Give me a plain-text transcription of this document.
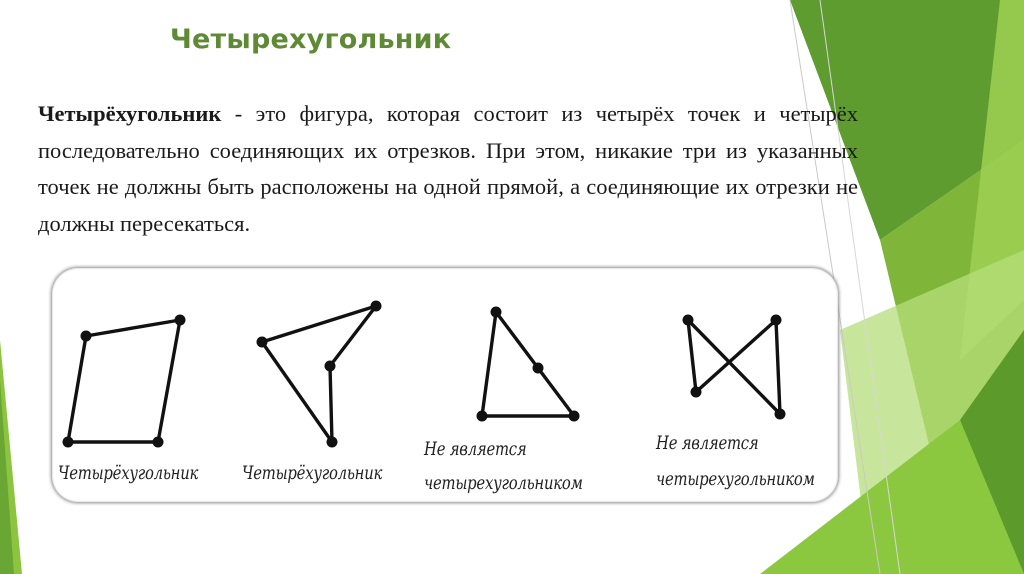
Четырехугольник
Четырёхугольник - это фигура, которая состоит из четырёх точек и четырёх последовательно соединяющих их отрезков. При этом, никакие три из указанных точек не должны быть расположены на одной прямой, а соединяющие их отрезки не должны пересекаться.
Четырёхугольник Четырёхугольник
Не является
четырехугольником
Не является
четырехугольником
